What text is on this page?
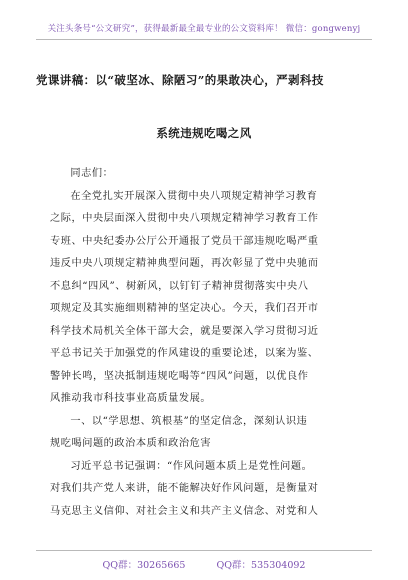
关注头条号“公文研究”，获得最新最全最专业的公文资料库！ 微信：gongwenyj
党课讲稿：以“破坚冰、除陋习”的果敢决心，严剥科技
系统违规吃喝之风
同志们：
在全党扎实开展深入贯彻中央八项规定精神学习教育
之际，中央层面深入贯彻中央八项规定精神学习教育工作
专班、中央纪委办公厅公开通报了党员干部违规吃喝严重
违反中央八项规定精神典型问题，再次彰显了党中央驰而
不息纠“四风”、树新风，以钉钉子精神贯彻落实中央八
项规定及其实施细则精神的坚定决心。今天，我们召开市
科学技术局机关全体干部大会，就是要深入学习贯彻习近
平总书记关于加强党的作风建设的重要论述，以案为鉴、
警钟长鸣，坚决抵制违规吃喝等“四风”问题，以优良作
风推动我市科技事业高质量发展。
一、以“学思想、筑根基”的坚定信念，深刻认识违
规吃喝问题的政治本质和政治危害
习近平总书记强调：“作风问题本质上是党性问题。
对我们共产党人来讲，能不能解决好作风问题，是衡量对
马克思主义信仰、对社会主义和共产主义信念、对党和人
QQ群：30265665	QQ群：535304092
